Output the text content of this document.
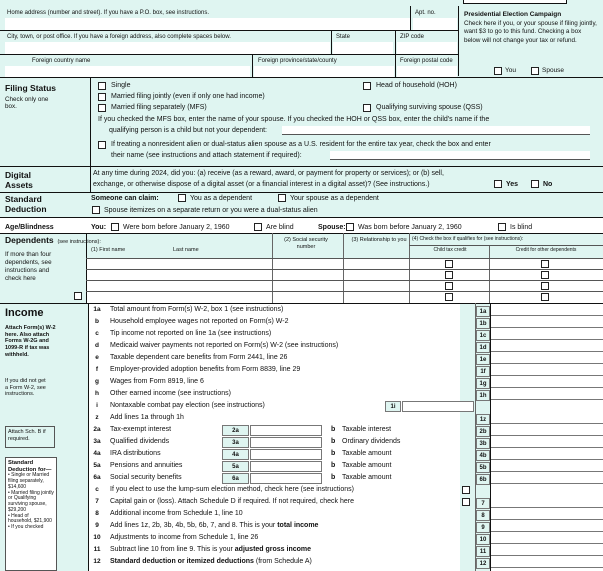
Home address (number and street). If you have a P.O. box, see instructions.	Apt. no.
City, town, or post office. If you have a foreign address, also complete spaces below.	State	ZIP code
Foreign country name	Foreign province/state/county	Foreign postal code
Presidential Election Campaign
Check here if you, or your spouse if filing jointly, want $3 to go to this fund. Checking a box below will not change your tax or refund.
You	Spouse
Filing Status
Check only one box.
Single
Married filing jointly (even if only one had income)
Married filing separately (MFS)
Head of household (HOH)
Qualifying surviving spouse (QSS)
If you checked the MFS box, enter the name of your spouse. If you checked the HOH or QSS box, enter the child's name if the
qualifying person is a child but not your dependent:
If treating a nonresident alien or dual-status alien spouse as a U.S. resident for the entire tax year, check the box and enter
their name (see instructions and attach statement if required):
Digital
Assets
At any time during 2024, did you: (a) receive (as a reward, award, or payment for property or services); or (b) sell,
exchange, or otherwise dispose of a digital asset (or a financial interest in a digital asset)? (See instructions.)	Yes	No
Standard
Deduction
Someone can claim:	You as a dependent	Your spouse as a dependent
Spouse itemizes on a separate return or you were a dual-status alien
Age/Blindness	You: Were born before January 2, 1960	Are blind	Spouse: Was born before January 2, 1960	Is blind
Dependents (see instructions):
If more than four dependents, see instructions and check here
(1) First name	Last name
(2) Social security number
(3) Relationship to you (4) Check the box if qualifies for (see instructions):
Child tax credit	Credit for other dependents
Income
Attach Form(s) W-2 here. Also attach Forms W-2G and 1099-R if tax was withheld.
If you did not get a Form W-2, see instructions.
Attach Sch. B if required.
Standard Deduction for—
• Single or Married filing separately, $14,600
• Married filing jointly or Qualifying surviving spouse, $29,200
• Head of household, $21,900
• If you checked
1a	Total amount from Form(s) W-2, box 1 (see instructions)	1a
b	Household employee wages not reported on Form(s) W-2	1b
c	Tip income not reported on line 1a (see instructions)	1c
d	Medicaid waiver payments not reported on Form(s) W-2 (see instructions)	1d
e	Taxable dependent care benefits from Form 2441, line 26	1e
f	Employer-provided adoption benefits from Form 8839, line 29	1f
g	Wages from Form 8919, line 6	1g
h	Other earned income (see instructions)	1h
i	Nontaxable combat pay election (see instructions)	1i
z	Add lines 1a through 1h	1z
2a	Tax-exempt interest	2a	b Taxable interest	2b
3a	Qualified dividends	3a	b Ordinary dividends	3b
4a	IRA distributions	4a	b Taxable amount	4b
5a	Pensions and annuities	5a	b Taxable amount	5b
6a	Social security benefits	6a	b Taxable amount	6b
c	If you elect to use the lump-sum election method, check here (see instructions)
7	Capital gain or (loss). Attach Schedule D if required. If not required, check here	7
8	Additional income from Schedule 1, line 10	8
9	Add lines 1z, 2b, 3b, 4b, 5b, 6b, 7, and 8. This is your total income	9
10	Adjustments to income from Schedule 1, line 26	10
11	Subtract line 10 from line 9. This is your adjusted gross income	11
12	Standard deduction or itemized deductions (from Schedule A)	12
